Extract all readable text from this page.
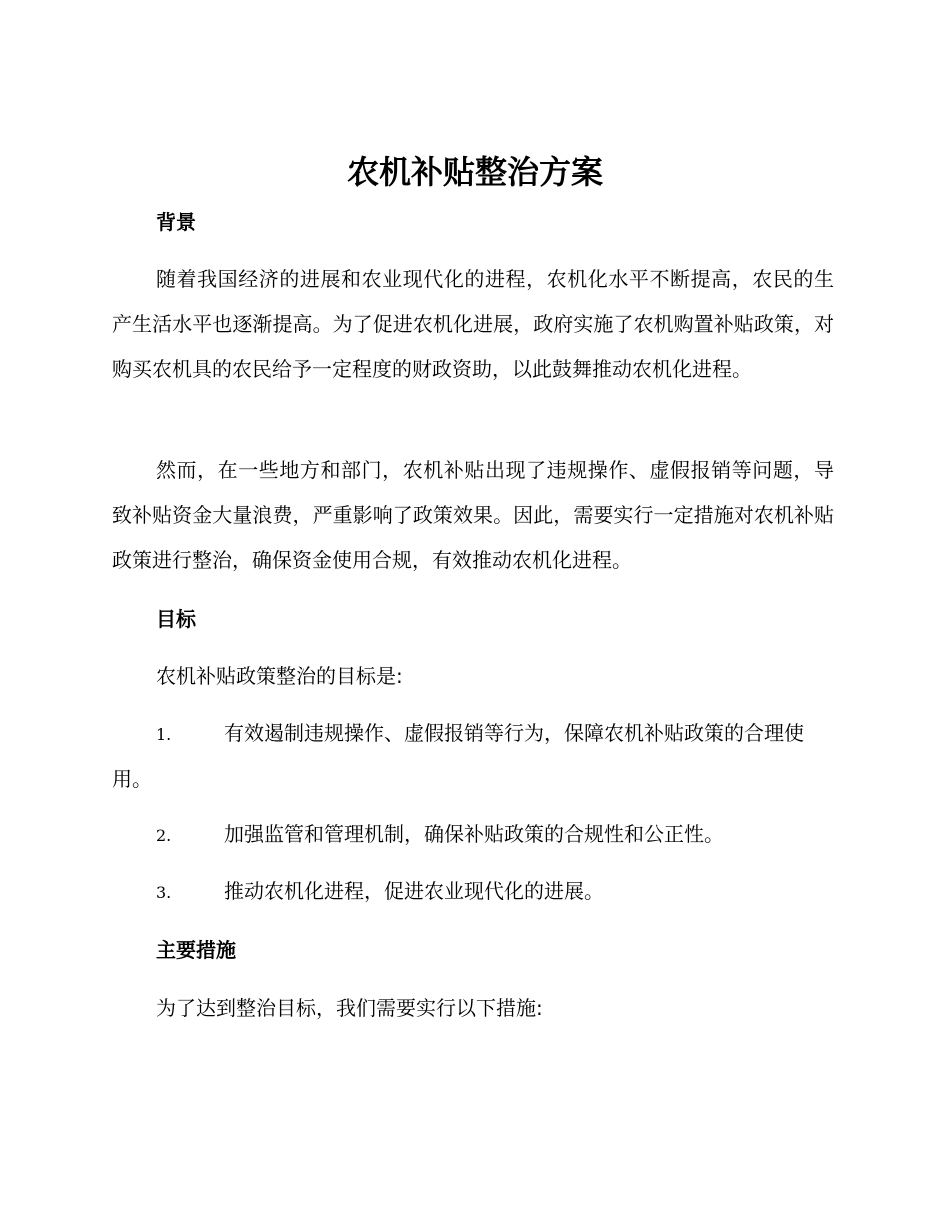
农机补贴整治方案
背景

随着我国经济的进展和农业现代化的进程，农机化水平不断提高，农民的生产生活水平也逐渐提高。为了促进农机化进展，政府实施了农机购置补贴政策，对购买农机具的农民给予一定程度的财政资助，以此鼓舞推动农机化进程。

然而，在一些地方和部门，农机补贴出现了违规操作、虚假报销等问题，导致补贴资金大量浪费，严重影响了政策效果。因此，需要实行一定措施对农机补贴政策进行整治，确保资金使用合规，有效推动农机化进程。

目标
农机补贴政策整治的目标是:

1.	有效遏制违规操作、虚假报销等行为，保障农机补贴政策的合理使用。

2.	加强监管和管理机制，确保补贴政策的合规性和公正性。

3.	推动农机化进程，促进农业现代化的进展。

主要措施
为了达到整治目标，我们需要实行以下措施:
